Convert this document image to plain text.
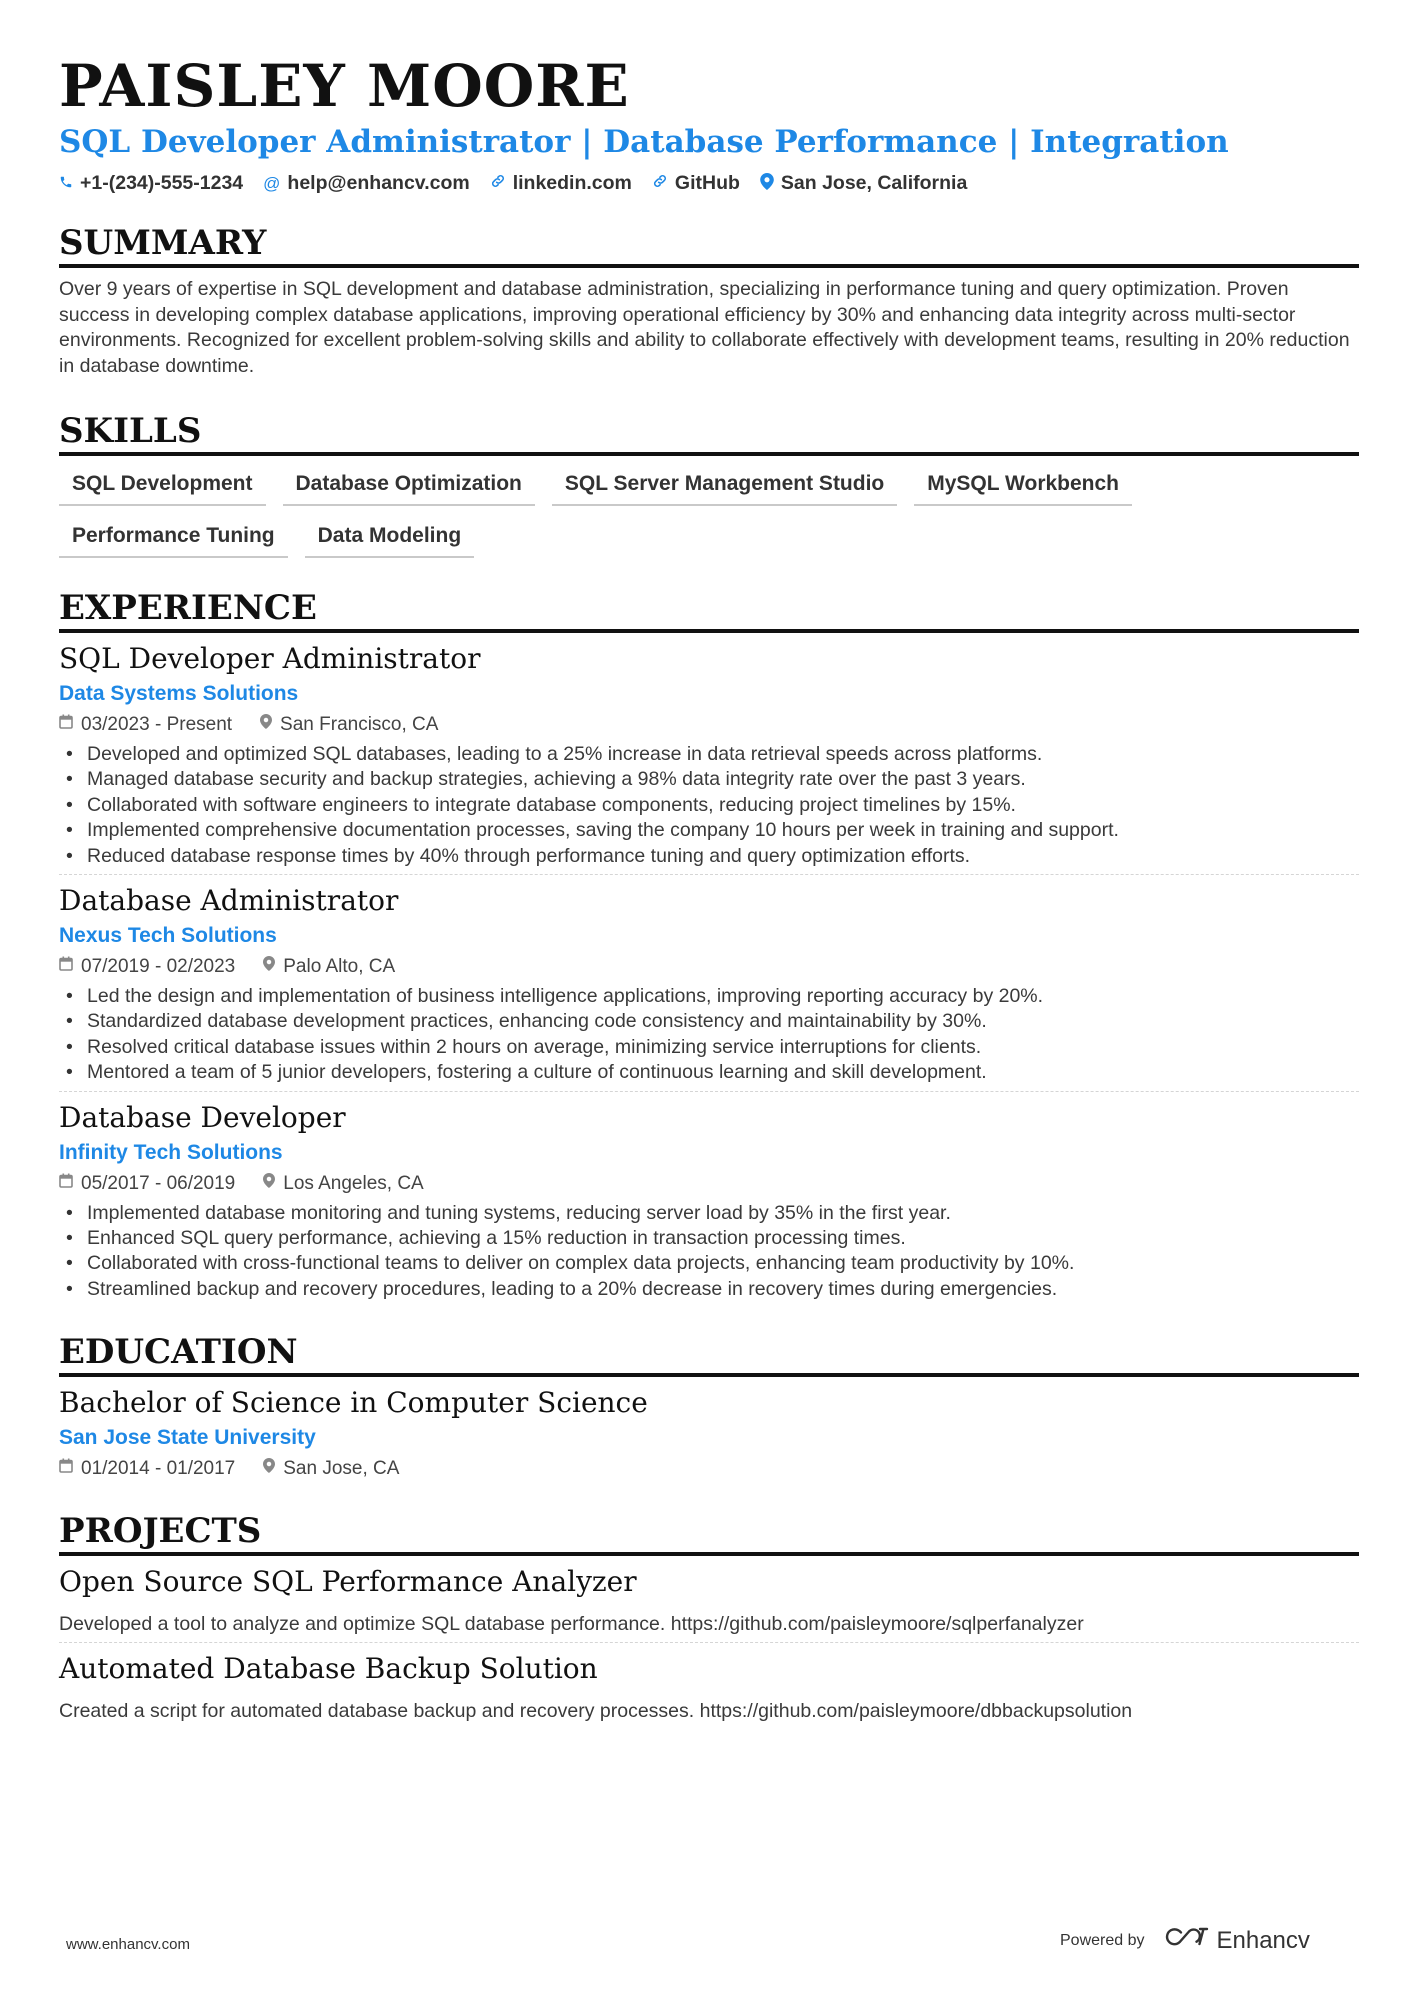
PAISLEY MOORE
SQL Developer Administrator | Database Performance | Integration
+1-(234)-555-1234 @ help@enhancv.com linkedin.com GitHub San Jose, California
SUMMARY
Over 9 years of expertise in SQL development and database administration, specializing in performance tuning and query optimization. Proven success in developing complex database applications, improving operational efficiency by 30% and enhancing data integrity across multi-sector environments. Recognized for excellent problem-solving skills and ability to collaborate effectively with development teams, resulting in 20% reduction in database downtime.
SKILLS
SQL Development	Database Optimization	SQL Server Management Studio	MySQL Workbench
Performance Tuning	Data Modeling
EXPERIENCE
SQL Developer Administrator
Data Systems Solutions
03/2023 - Present	San Francisco, CA
• Developed and optimized SQL databases, leading to a 25% increase in data retrieval speeds across platforms.
• Managed database security and backup strategies, achieving a 98% data integrity rate over the past 3 years.
• Collaborated with software engineers to integrate database components, reducing project timelines by 15%.
• Implemented comprehensive documentation processes, saving the company 10 hours per week in training and support.
• Reduced database response times by 40% through performance tuning and query optimization efforts.
Database Administrator
Nexus Tech Solutions
07/2019 - 02/2023	Palo Alto, CA
• Led the design and implementation of business intelligence applications, improving reporting accuracy by 20%.
• Standardized database development practices, enhancing code consistency and maintainability by 30%.
• Resolved critical database issues within 2 hours on average, minimizing service interruptions for clients.
• Mentored a team of 5 junior developers, fostering a culture of continuous learning and skill development.
Database Developer
Infinity Tech Solutions
05/2017 - 06/2019	Los Angeles, CA
• Implemented database monitoring and tuning systems, reducing server load by 35% in the first year.
• Enhanced SQL query performance, achieving a 15% reduction in transaction processing times.
• Collaborated with cross-functional teams to deliver on complex data projects, enhancing team productivity by 10%.
• Streamlined backup and recovery procedures, leading to a 20% decrease in recovery times during emergencies.
EDUCATION
Bachelor of Science in Computer Science
San Jose State University
01/2014 - 01/2017	San Jose, CA
PROJECTS
Open Source SQL Performance Analyzer
Developed a tool to analyze and optimize SQL database performance. https://github.com/paisleymoore/sqlperfanalyzer
Automated Database Backup Solution
Created a script for automated database backup and recovery processes. https://github.com/paisleymoore/dbbackupsolution
www.enhancv.com	Powered by	Enhancv
